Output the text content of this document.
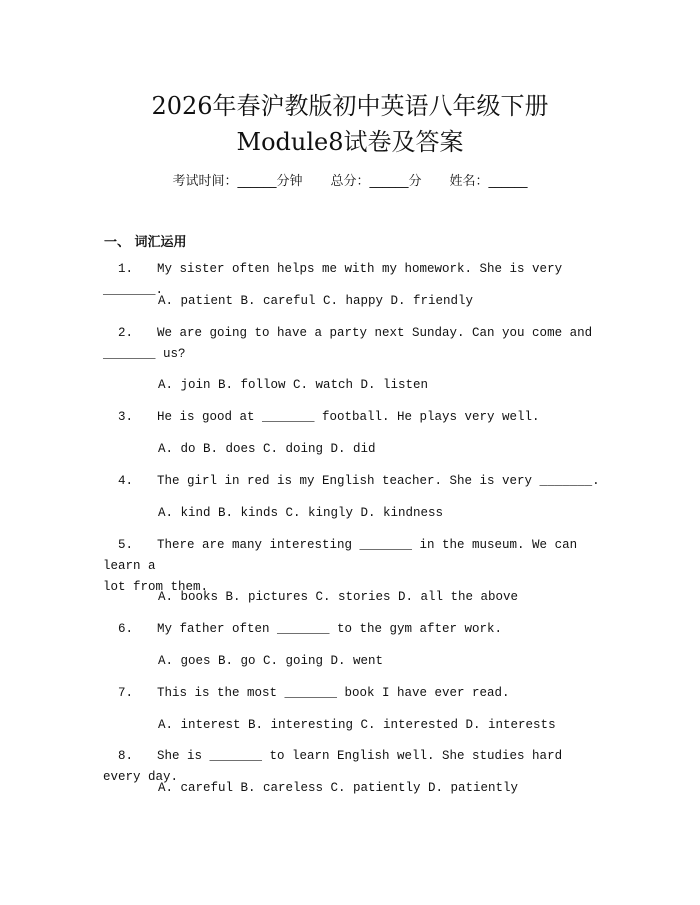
2026年春沪教版初中英语八年级下册
Module8试卷及答案
考试时间：______分钟 总分：______分 姓名：______
一、 词汇运用
1. My sister often helps me with my homework. She is very _______.
A. patient B. careful C. happy D. friendly
2. We are going to have a party next Sunday. Can you come and
_______ us?
A. join B. follow C. watch D. listen
3. He is good at _______ football. He plays very well.
A. do B. does C. doing D. did
4. The girl in red is my English teacher. She is very _______.
A. kind B. kinds C. kingly D. kindness
5. There are many interesting _______ in the museum. We can learn a
lot from them.
A. books B. pictures C. stories D. all the above
6. My father often _______ to the gym after work.
A. goes B. go C. going D. went
7. This is the most _______ book I have ever read.
A. interest B. interesting C. interested D. interests
8. She is _______ to learn English well. She studies hard every day.
A. careful B. careless C. patiently D. patiently
